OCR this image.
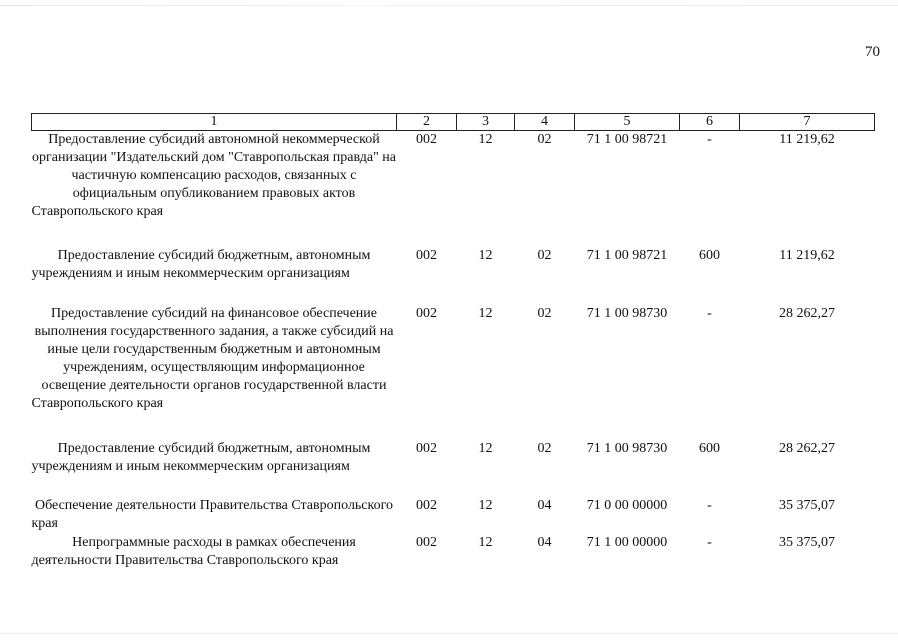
70
1	2	3	4	5	6	7
Предоставление субсидий автономной некоммерческой организации "Издательский дом "Ставропольская правда" на частичную компенсацию расходов, связанных с официальным опубликованием правовых актов Ставропольского края	002	12	02	71 1 00 98721	-	11 219,62
Предоставление субсидий бюджетным, автономным учреждениям и иным некоммерческим организациям	002	12	02	71 1 00 98721	600	11 219,62
Предоставление субсидий на финансовое обеспечение выполнения государственного задания, а также субсидий на иные цели государственным бюджетным и автономным учреждениям, осуществляющим информационное освещение деятельности органов государственной власти Ставропольского края	002	12	02	71 1 00 98730	-	28 262,27
Предоставление субсидий бюджетным, автономным учреждениям и иным некоммерческим организациям	002	12	02	71 1 00 98730	600	28 262,27
Обеспечение деятельности Правительства Ставропольского края	002	12	04	71 0 00 00000	-	35 375,07
Непрограммные расходы в рамках обеспечения деятельности Правительства Ставропольского края	002	12	04	71 1 00 00000	-	35 375,07
